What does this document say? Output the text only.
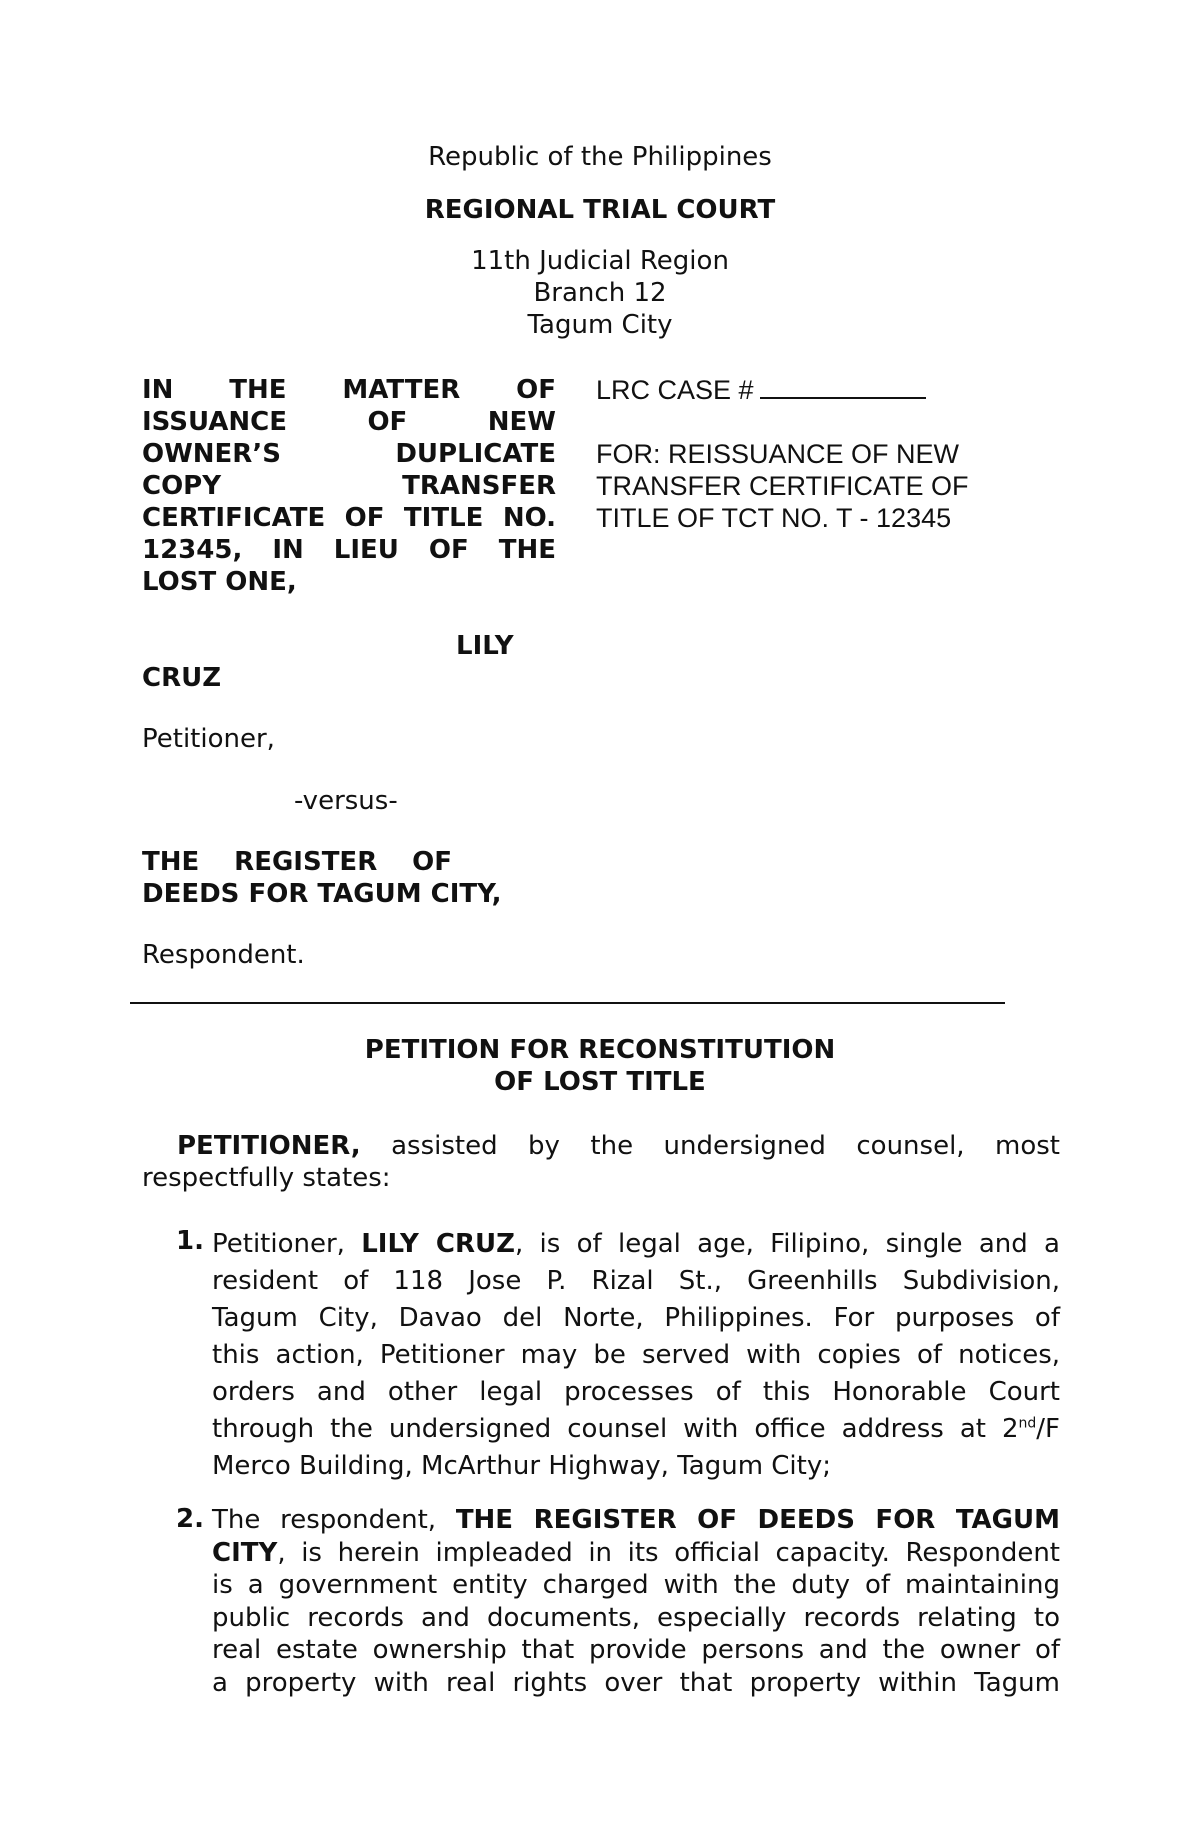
Republic of the Philippines
REGIONAL TRIAL COURT
11th Judicial Region
Branch 12
Tagum City
IN THE MATTER OF
ISSUANCE OF NEW
OWNER’S DUPLICATE
COPY TRANSFER
CERTIFICATE OF TITLE NO.
12345, IN LIEU OF THE
LOST ONE,
LRC CASE #
FOR: REISSUANCE OF NEW
TRANSFER CERTIFICATE OF
TITLE OF TCT NO. T - 12345
LILY
CRUZ
Petitioner,
-versus-
THE REGISTER OF
DEEDS FOR TAGUM CITY,
Respondent.
PETITION FOR RECONSTITUTION
OF LOST TITLE
PETITIONER, assisted by the undersigned counsel, most
respectfully states:
1. Petitioner, LILY CRUZ, is of legal age, Filipino, single and a
resident of 118 Jose P. Rizal St., Greenhills Subdivision,
Tagum City, Davao del Norte, Philippines. For purposes of
this action, Petitioner may be served with copies of notices,
orders and other legal processes of this Honorable Court
through the undersigned counsel with office address at 2nd/F
Merco Building, McArthur Highway, Tagum City;
2. The respondent, THE REGISTER OF DEEDS FOR TAGUM
CITY, is herein impleaded in its official capacity. Respondent
is a government entity charged with the duty of maintaining
public records and documents, especially records relating to
real estate ownership that provide persons and the owner of
a property with real rights over that property within Tagum
